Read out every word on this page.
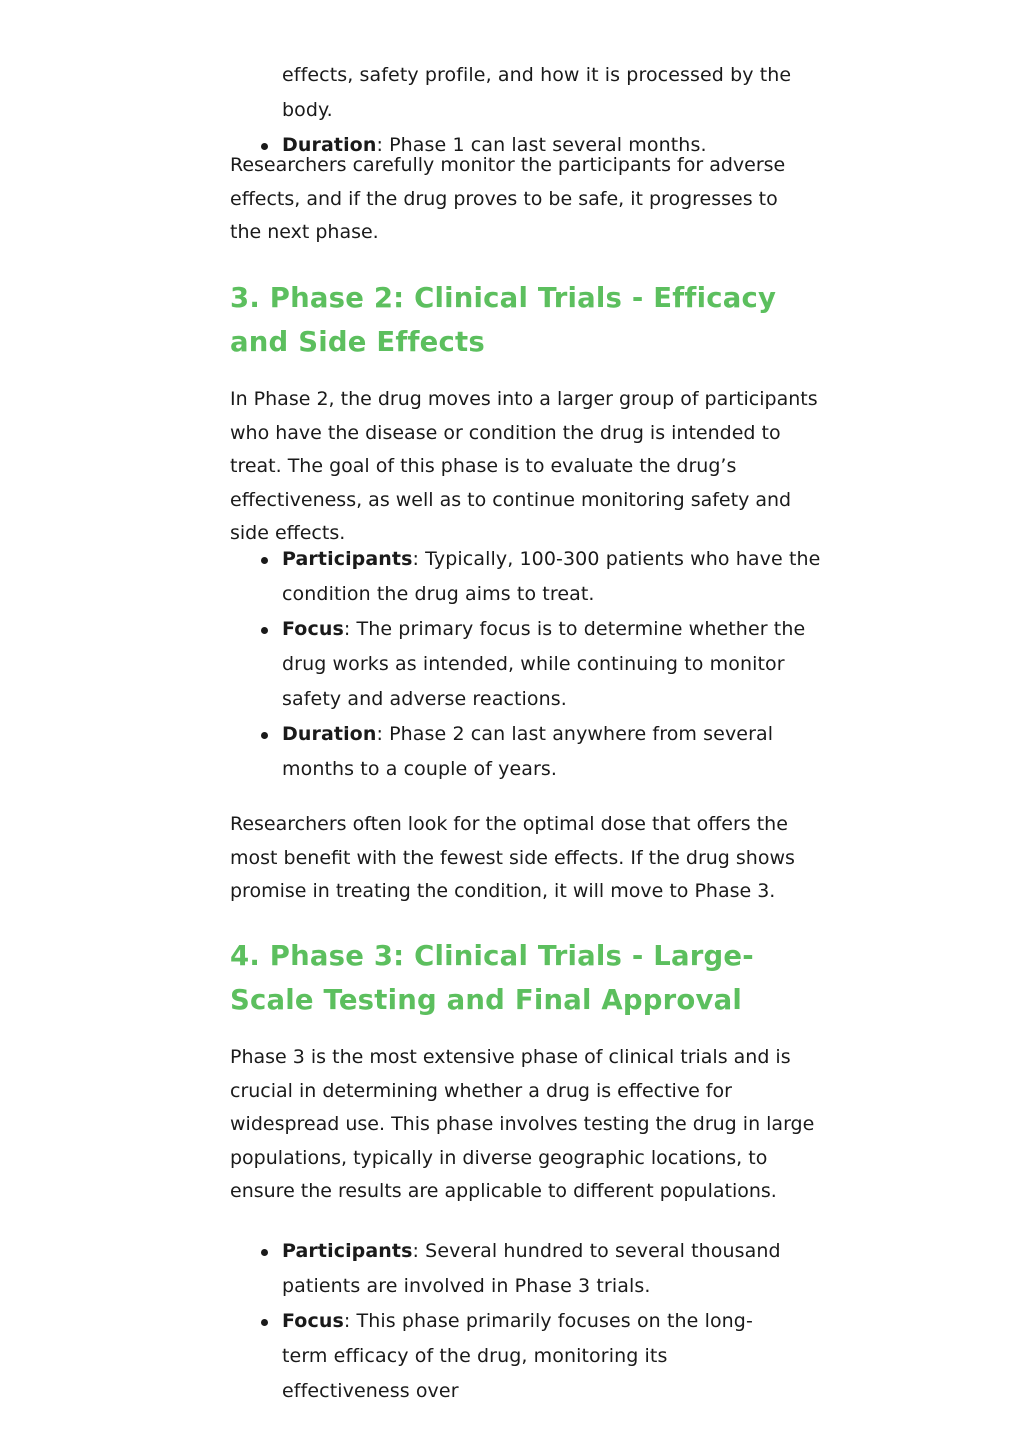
effects, safety profile, and how it is processed by the body.
Duration: Phase 1 can last several months.

Researchers carefully monitor the participants for adverse effects, and if the drug proves to be safe, it progresses to the next phase.

3. Phase 2: Clinical Trials - Efficacy and Side Effects

In Phase 2, the drug moves into a larger group of participants who have the disease or condition the drug is intended to treat. The goal of this phase is to evaluate the drug’s effectiveness, as well as to continue monitoring safety and side effects.

Participants: Typically, 100-300 patients who have the condition the drug aims to treat.
Focus: The primary focus is to determine whether the drug works as intended, while continuing to monitor safety and adverse reactions.
Duration: Phase 2 can last anywhere from several months to a couple of years.

Researchers often look for the optimal dose that offers the most benefit with the fewest side effects. If the drug shows promise in treating the condition, it will move to Phase 3.

4. Phase 3: Clinical Trials - Large-Scale Testing and Final Approval

Phase 3 is the most extensive phase of clinical trials and is crucial in determining whether a drug is effective for widespread use. This phase involves testing the drug in large populations, typically in diverse geographic locations, to ensure the results are applicable to different populations.

Participants: Several hundred to several thousand patients are involved in Phase 3 trials.
Focus: This phase primarily focuses on the long-term efficacy of the drug, monitoring its effectiveness over
